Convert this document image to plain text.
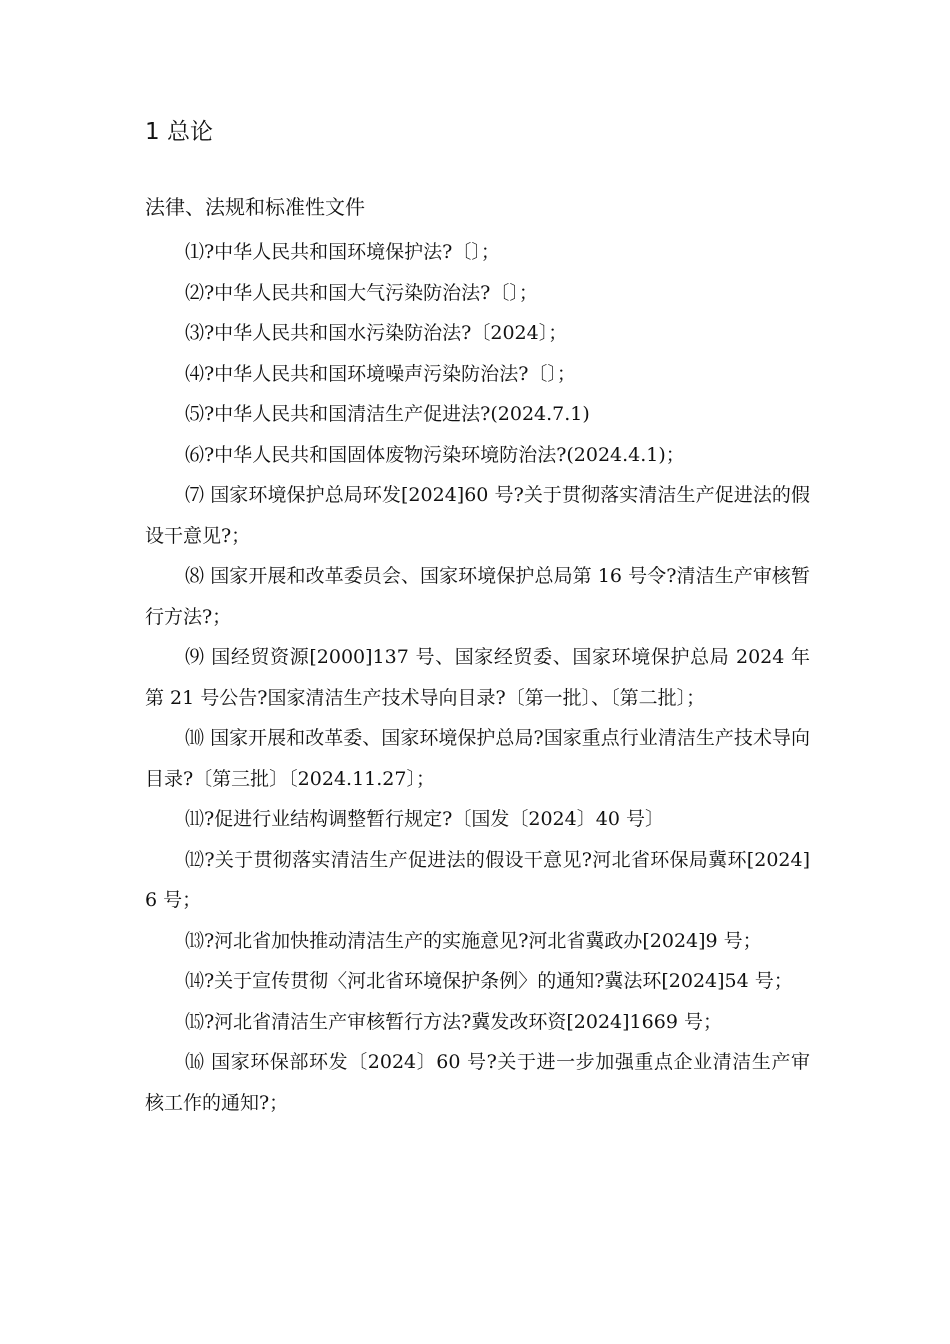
1 总论
法律、法规和标准性文件
⑴?中华人民共和国环境保护法?〔〕；
⑵?中华人民共和国大气污染防治法?〔〕；
⑶?中华人民共和国水污染防治法?〔2024〕；
⑷?中华人民共和国环境噪声污染防治法?〔〕；
⑸?中华人民共和国清洁生产促进法?(2024.7.1)
⑹?中华人民共和国固体废物污染环境防治法?(2024.4.1)；
⑺ 国家环境保护总局环发[2024]60 号?关于贯彻落实清洁生产促进法的假设干意见?；
⑻ 国家开展和改革委员会、国家环境保护总局第 16 号令?清洁生产审核暂行方法?；
⑼ 国经贸资源[2000]137 号、国家经贸委、国家环境保护总局 2024 年第 21 号公告?国家清洁生产技术导向目录?〔第一批〕、〔第二批〕；
⑽ 国家开展和改革委、国家环境保护总局?国家重点行业清洁生产技术导向目录?〔第三批〕〔2024.11.27〕；
⑾?促进行业结构调整暂行规定?〔国发〔2024〕40 号〕
⑿?关于贯彻落实清洁生产促进法的假设干意见?河北省环保局冀环[2024]6 号；
⒀?河北省加快推动清洁生产的实施意见?河北省冀政办[2024]9 号；
⒁?关于宣传贯彻〈河北省环境保护条例〉的通知?冀法环[2024]54 号；
⒂?河北省清洁生产审核暂行方法?冀发改环资[2024]1669 号；
⒃ 国家环保部环发〔2024〕60 号?关于进一步加强重点企业清洁生产审核工作的通知?；
